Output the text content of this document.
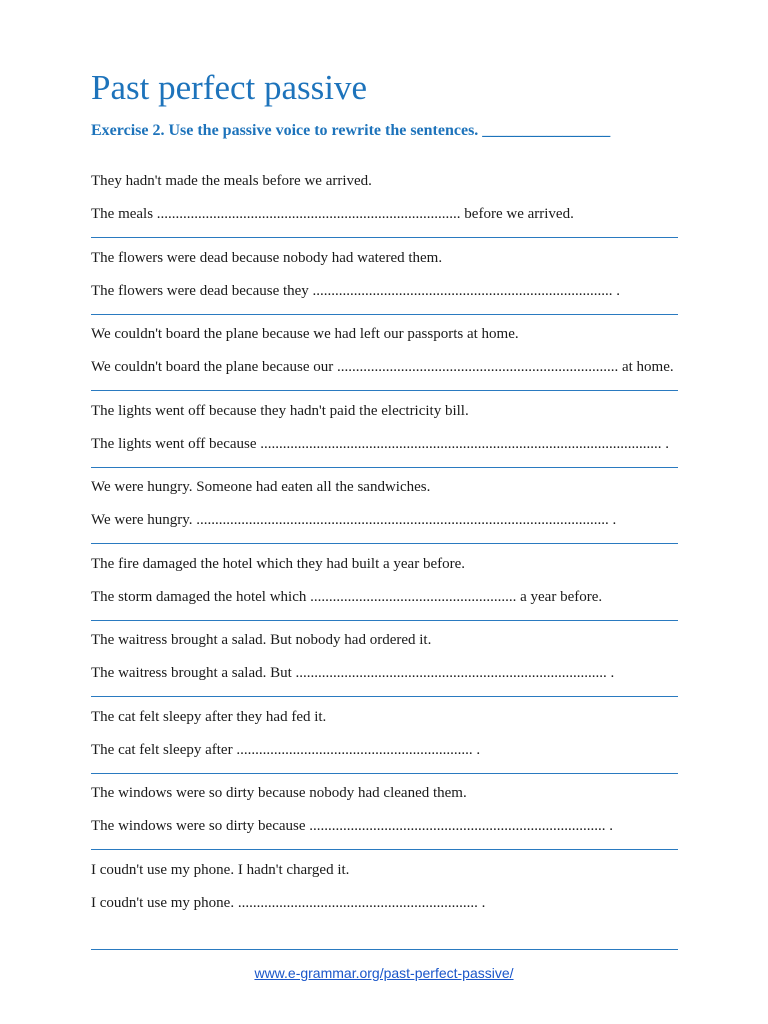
Past perfect passive
Exercise 2. Use the passive voice to rewrite the sentences. ________________
They hadn't made the meals before we arrived.
The meals ................................................................................. before we arrived.
The flowers were dead because nobody had watered them.
The flowers were dead because they ................................................................................ .
We couldn't board the plane because we had left our passports at home.
We couldn't board the plane because our ........................................................................... at home.
The lights went off because they hadn't paid the electricity bill.
The lights went off because ........................................................................................................... .
We were hungry. Someone had eaten all the sandwiches.
We were hungry. .............................................................................................................. .
The fire damaged the hotel which they had built a year before.
The storm damaged the hotel which ....................................................... a year before.
The waitress brought a salad. But nobody had ordered it.
The waitress brought a salad. But ................................................................................... .
The cat felt sleepy after they had fed it.
The cat felt sleepy after ............................................................... .
The windows were so dirty because nobody had cleaned them.
The windows were so dirty because ............................................................................... .
I coudn't use my phone. I hadn't charged it.
I coudn't use my phone. ................................................................ .
www.e-grammar.org/past-perfect-passive/
